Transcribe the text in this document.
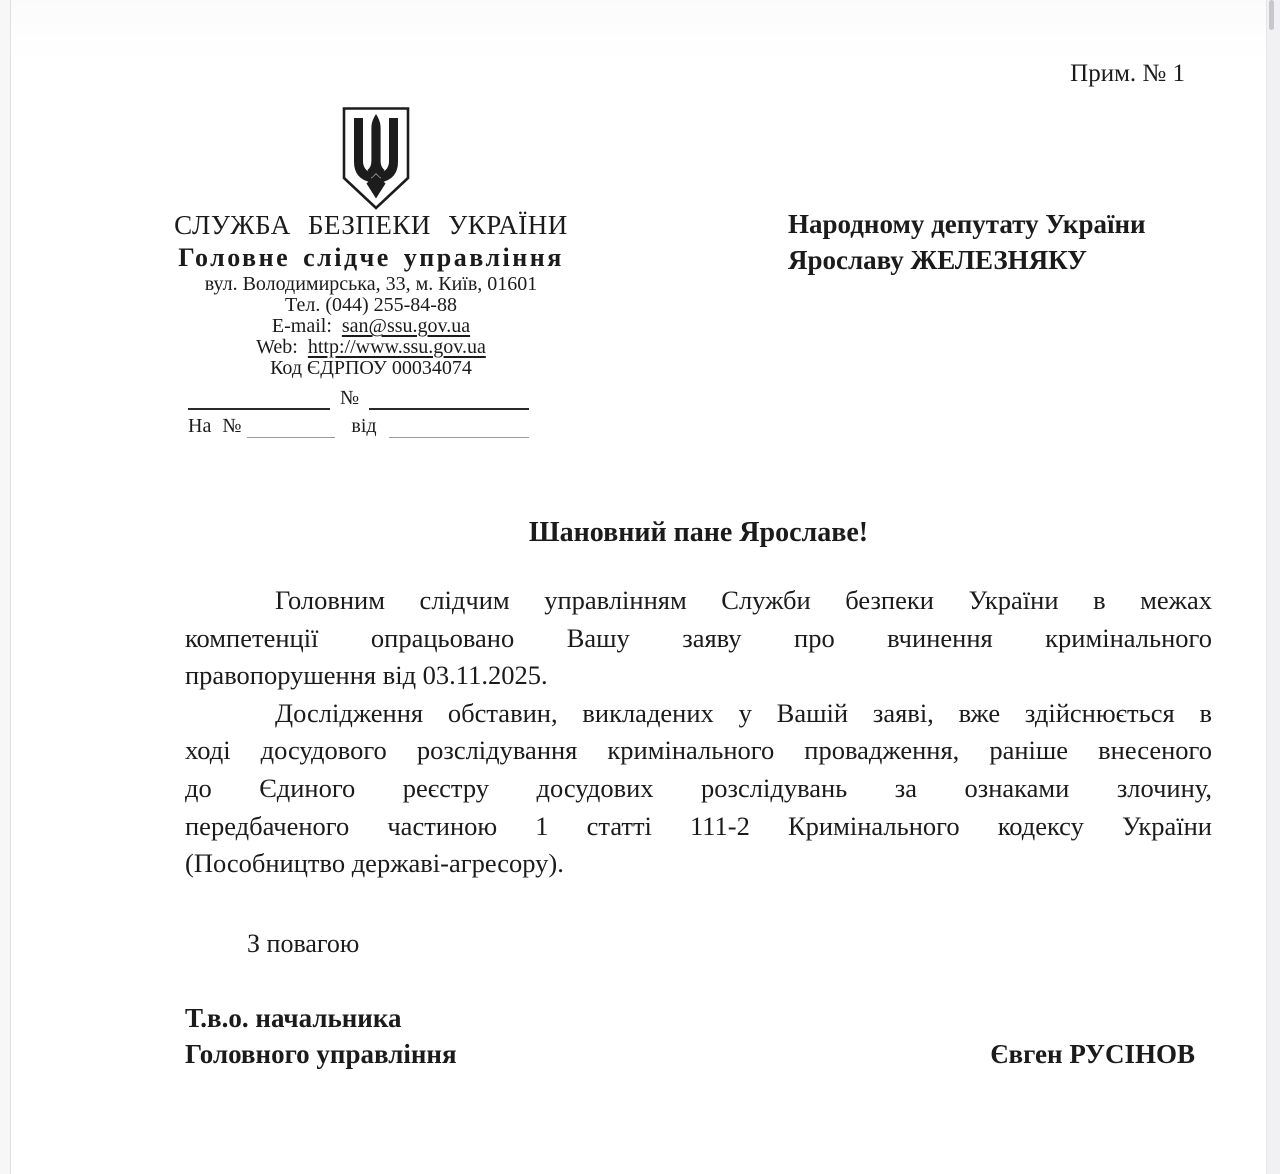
Прим. № 1
СЛУЖБА БЕЗПЕКИ УКРАЇНИ
Головне слідче управління
вул. Володимирська, 33, м. Київ, 01601
Тел. (044) 255-84-88
E-mail: san@ssu.gov.ua
Web: http://www.ssu.gov.ua
Код ЄДРПОУ 00034074
№
На №	від
Народному депутату України
Ярославу ЖЕЛЕЗНЯКУ
Шановний пане Ярославе!
Головним слідчим управлінням Служби безпеки України в межах
компетенції опрацьовано Вашу заяву про вчинення кримінального
правопорушення від 03.11.2025.
Дослідження обставин, викладених у Вашій заяві, вже здійснюється в
ході досудового розслідування кримінального провадження, раніше внесеного
до Єдиного реєстру досудових розслідувань за ознаками злочину,
передбаченого частиною 1 статті 111-2 Кримінального кодексу України
(Пособництво державі-агресору).
З повагою
Т.в.о. начальника
Головного управління	Євген РУСІНОВ
